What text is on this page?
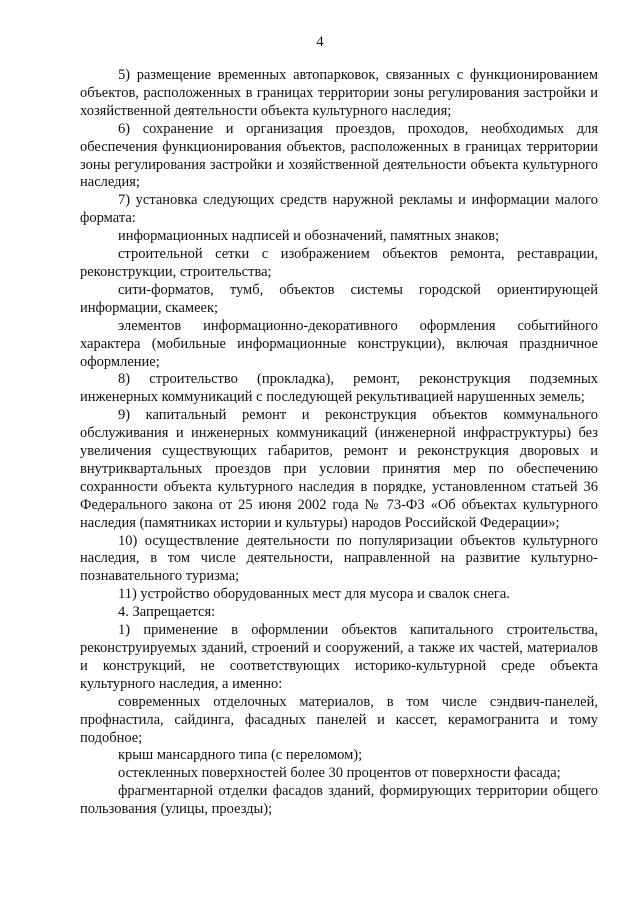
4

5) размещение временных автопарковок, связанных с функционированием объектов, расположенных в границах территории зоны регулирования застройки и хозяйственной деятельности объекта культурного наследия;

6) сохранение и организация проездов, проходов, необходимых для обеспечения функционирования объектов, расположенных в границах территории зоны регулирования застройки и хозяйственной деятельности объекта культурного наследия;

7) установка следующих средств наружной рекламы и информации малого формата:

информационных надписей и обозначений, памятных знаков;

строительной сетки с изображением объектов ремонта, реставрации, реконструкции, строительства;

сити-форматов, тумб, объектов системы городской ориентирующей информации, скамеек;

элементов информационно-декоративного оформления событийного характера (мобильные информационные конструкции), включая праздничное оформление;

8) строительство (прокладка), ремонт, реконструкция подземных инженерных коммуникаций с последующей рекультивацией нарушенных земель;

9) капитальный ремонт и реконструкция объектов коммунального обслуживания и инженерных коммуникаций (инженерной инфраструктуры) без увеличения существующих габаритов, ремонт и реконструкция дворовых и внутриквартальных проездов при условии принятия мер по обеспечению сохранности объекта культурного наследия в порядке, установленном статьей 36 Федерального закона от 25 июня 2002 года № 73-ФЗ «Об объектах культурного наследия (памятниках истории и культуры) народов Российской Федерации»;

10) осуществление деятельности по популяризации объектов культурного наследия, в том числе деятельности, направленной на развитие культурно-познавательного туризма;

11) устройство оборудованных мест для мусора и свалок снега.

4. Запрещается:

1) применение в оформлении объектов капитального строительства, реконструируемых зданий, строений и сооружений, а также их частей, материалов и конструкций, не соответствующих историко-культурной среде объекта культурного наследия, а именно:

современных отделочных материалов, в том числе сэндвич-панелей, профнастила, сайдинга, фасадных панелей и кассет, керамогранита и тому подобное;

крыш мансардного типа (с переломом);

остекленных поверхностей более 30 процентов от поверхности фасада;

фрагментарной отделки фасадов зданий, формирующих территории общего пользования (улицы, проезды);
